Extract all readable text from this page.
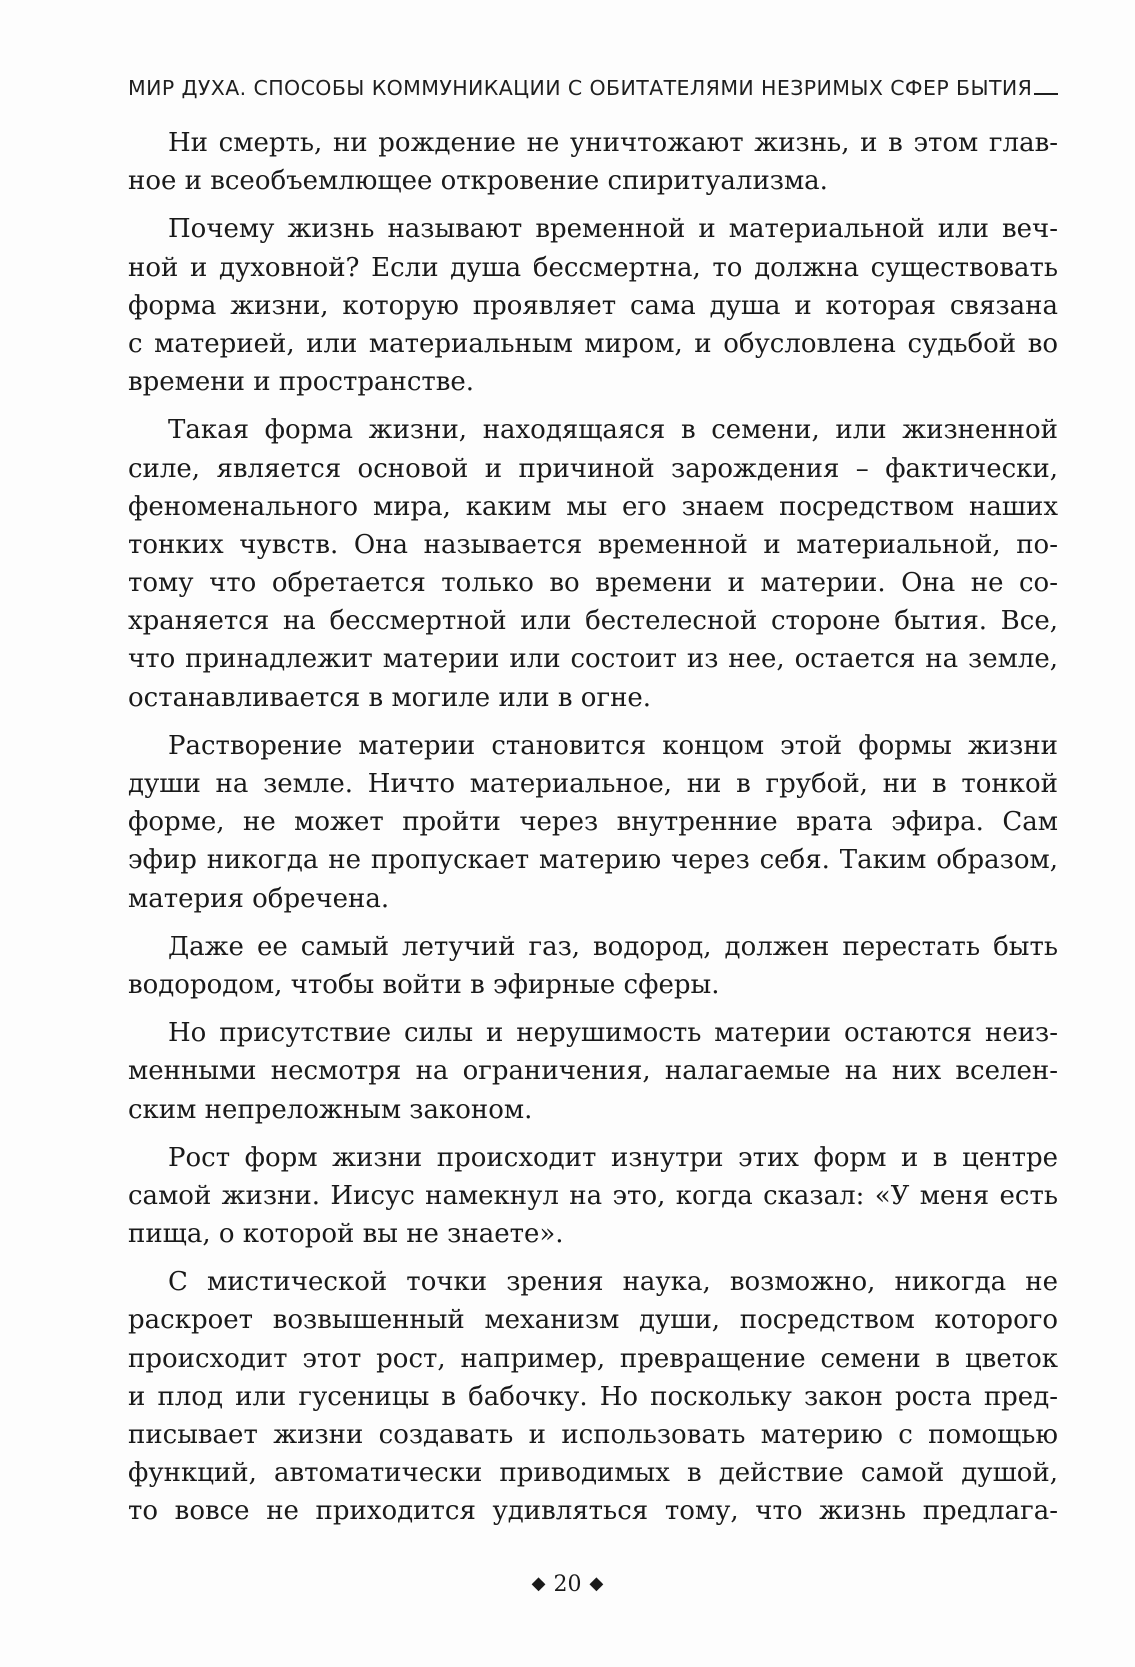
МИР ДУХА. СПОСОБЫ КОММУНИКАЦИИ С ОБИТАТЕЛЯМИ НЕЗРИМЫХ СФЕР БЫТИЯ
Ни смерть, ни рождение не уничтожают жизнь, и в этом глав-
ное и всеобъемлющее откровение спиритуализма.
Почему жизнь называют временной и материальной или веч-
ной и духовной? Если душа бессмертна, то должна существовать
форма жизни, которую проявляет сама душа и которая связана
с материей, или материальным миром, и обусловлена судьбой во
времени и пространстве.
Такая форма жизни, находящаяся в семени, или жизненной
силе, является основой и причиной зарождения – фактически,
феноменального мира, каким мы его знаем посредством наших
тонких чувств. Она называется временной и материальной, по-
тому что обретается только во времени и материи. Она не со-
храняется на бессмертной или бестелесной стороне бытия. Все,
что принадлежит материи или состоит из нее, остается на земле,
останавливается в могиле или в огне.
Растворение материи становится концом этой формы жизни
души на земле. Ничто материальное, ни в грубой, ни в тонкой
форме, не может пройти через внутренние врата эфира. Сам
эфир никогда не пропускает материю через себя. Таким образом,
материя обречена.
Даже ее самый летучий газ, водород, должен перестать быть
водородом, чтобы войти в эфирные сферы.
Но присутствие силы и нерушимость материи остаются неиз-
менными несмотря на ограничения, налагаемые на них вселен-
ским непреложным законом.
Рост форм жизни происходит изнутри этих форм и в центре
самой жизни. Иисус намекнул на это, когда сказал: «У меня есть
пища, о которой вы не знаете».
С мистической точки зрения наука, возможно, никогда не
раскроет возвышенный механизм души, посредством которого
происходит этот рост, например, превращение семени в цветок
и плод или гусеницы в бабочку. Но поскольку закон роста пред-
писывает жизни создавать и использовать материю с помощью
функций, автоматически приводимых в действие самой душой,
то вовсе не приходится удивляться тому, что жизнь предлага-
◆ 20 ◆
